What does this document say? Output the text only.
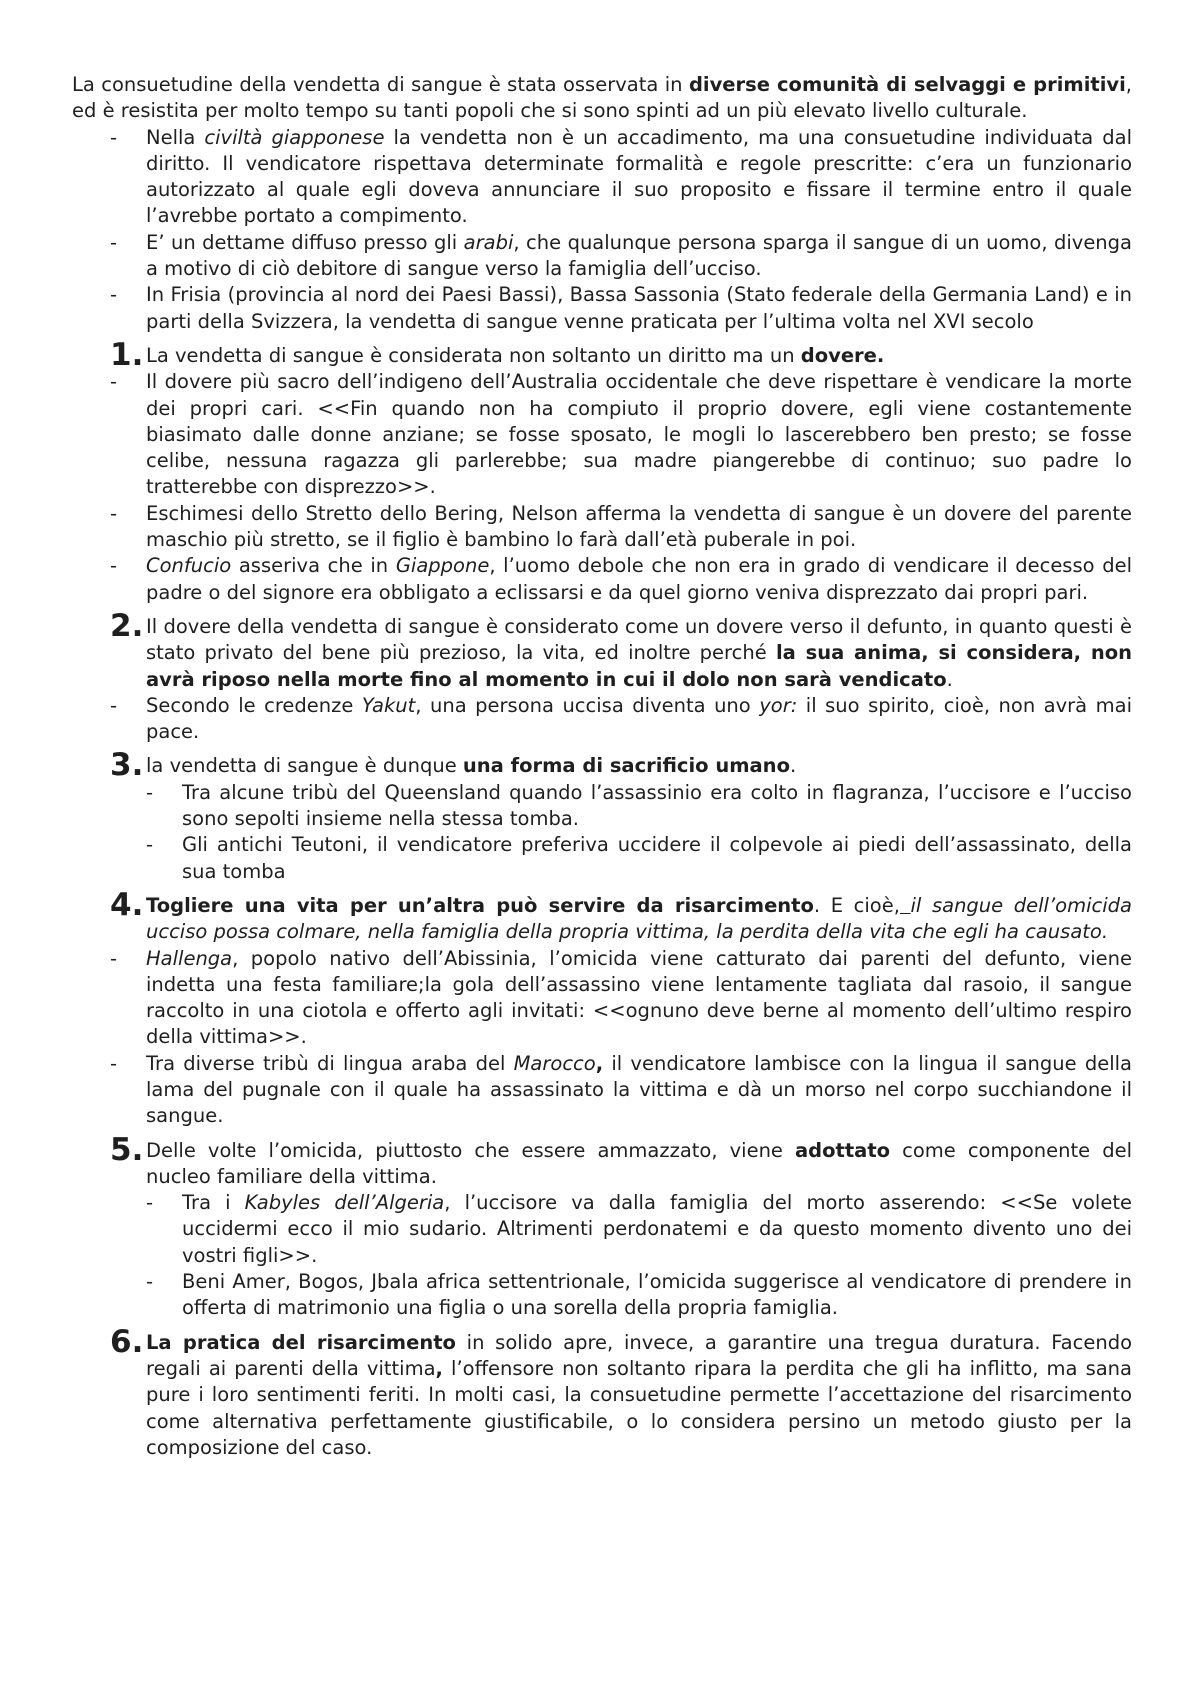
La consuetudine della vendetta di sangue è stata osservata in diverse comunità di selvaggi e primitivi, ed è resistita per molto tempo su tanti popoli che si sono spinti ad un più elevato livello culturale.

- Nella civiltà giapponese la vendetta non è un accadimento, ma una consuetudine individuata dal diritto. Il vendicatore rispettava determinate formalità e regole prescritte: c’era un funzionario autorizzato al quale egli doveva annunciare il suo proposito e fissare il termine entro il quale l’avrebbe portato a compimento.
- E’ un dettame diffuso presso gli arabi, che qualunque persona sparga il sangue di un uomo, divenga a motivo di ciò debitore di sangue verso la famiglia dell’ucciso.
- In Frisia (provincia al nord dei Paesi Bassi), Bassa Sassonia (Stato federale della Germania Land) e in parti della Svizzera, la vendetta di sangue venne praticata per l’ultima volta nel XVI secolo
1. La vendetta di sangue è considerata non soltanto un diritto ma un dovere.
- Il dovere più sacro dell’indigeno dell’Australia occidentale che deve rispettare è vendicare la morte dei propri cari. <<Fin quando non ha compiuto il proprio dovere, egli viene costantemente biasimato dalle donne anziane; se fosse sposato, le mogli lo lascerebbero ben presto; se fosse celibe, nessuna ragazza gli parlerebbe; sua madre piangerebbe di continuo; suo padre lo tratterebbe con disprezzo>>.
- Eschimesi dello Stretto dello Bering, Nelson afferma la vendetta di sangue è un dovere del parente maschio più stretto, se il figlio è bambino lo farà dall’età puberale in poi.
- Confucio asseriva che in Giappone, l’uomo debole che non era in grado di vendicare il decesso del padre o del signore era obbligato a eclissarsi e da quel giorno veniva disprezzato dai propri pari.
2. Il dovere della vendetta di sangue è considerato come un dovere verso il defunto, in quanto questi è stato privato del bene più prezioso, la vita, ed inoltre perché la sua anima, si considera, non avrà riposo nella morte fino al momento in cui il dolo non sarà vendicato.
- Secondo le credenze Yakut, una persona uccisa diventa uno yor: il suo spirito, cioè, non avrà mai pace.
3. la vendetta di sangue è dunque una forma di sacrificio umano.
- Tra alcune tribù del Queensland quando l’assassinio era colto in flagranza, l’uccisore e l’ucciso sono sepolti insieme nella stessa tomba.
- Gli antichi Teutoni, il vendicatore preferiva uccidere il colpevole ai piedi dell’assassinato, della sua tomba
4. Togliere una vita per un’altra può servire da risarcimento. E cioè, il sangue dell’omicida ucciso possa colmare, nella famiglia della propria vittima, la perdita della vita che egli ha causato.
- Hallenga, popolo nativo dell’Abissinia, l’omicida viene catturato dai parenti del defunto, viene indetta una festa familiare;la gola dell’assassino viene lentamente tagliata dal rasoio, il sangue raccolto in una ciotola e offerto agli invitati: <<ognuno deve berne al momento dell’ultimo respiro della vittima>>.
- Tra diverse tribù di lingua araba del Marocco, il vendicatore lambisce con la lingua il sangue della lama del pugnale con il quale ha assassinato la vittima e dà un morso nel corpo succhiandone il sangue.
5. Delle volte l’omicida, piuttosto che essere ammazzato, viene adottato come componente del nucleo familiare della vittima.
- Tra i Kabyles dell’Algeria, l’uccisore va dalla famiglia del morto asserendo: <<Se volete uccidermi ecco il mio sudario. Altrimenti perdonatemi e da questo momento divento uno dei vostri figli>>.
- Beni Amer, Bogos, Jbala africa settentrionale, l’omicida suggerisce al vendicatore di prendere in offerta di matrimonio una figlia o una sorella della propria famiglia.
6. La pratica del risarcimento in solido apre, invece, a garantire una tregua duratura. Facendo regali ai parenti della vittima, l’offensore non soltanto ripara la perdita che gli ha inflitto, ma sana pure i loro sentimenti feriti. In molti casi, la consuetudine permette l’accettazione del risarcimento come alternativa perfettamente giustificabile, o lo considera persino un metodo giusto per la composizione del caso.
